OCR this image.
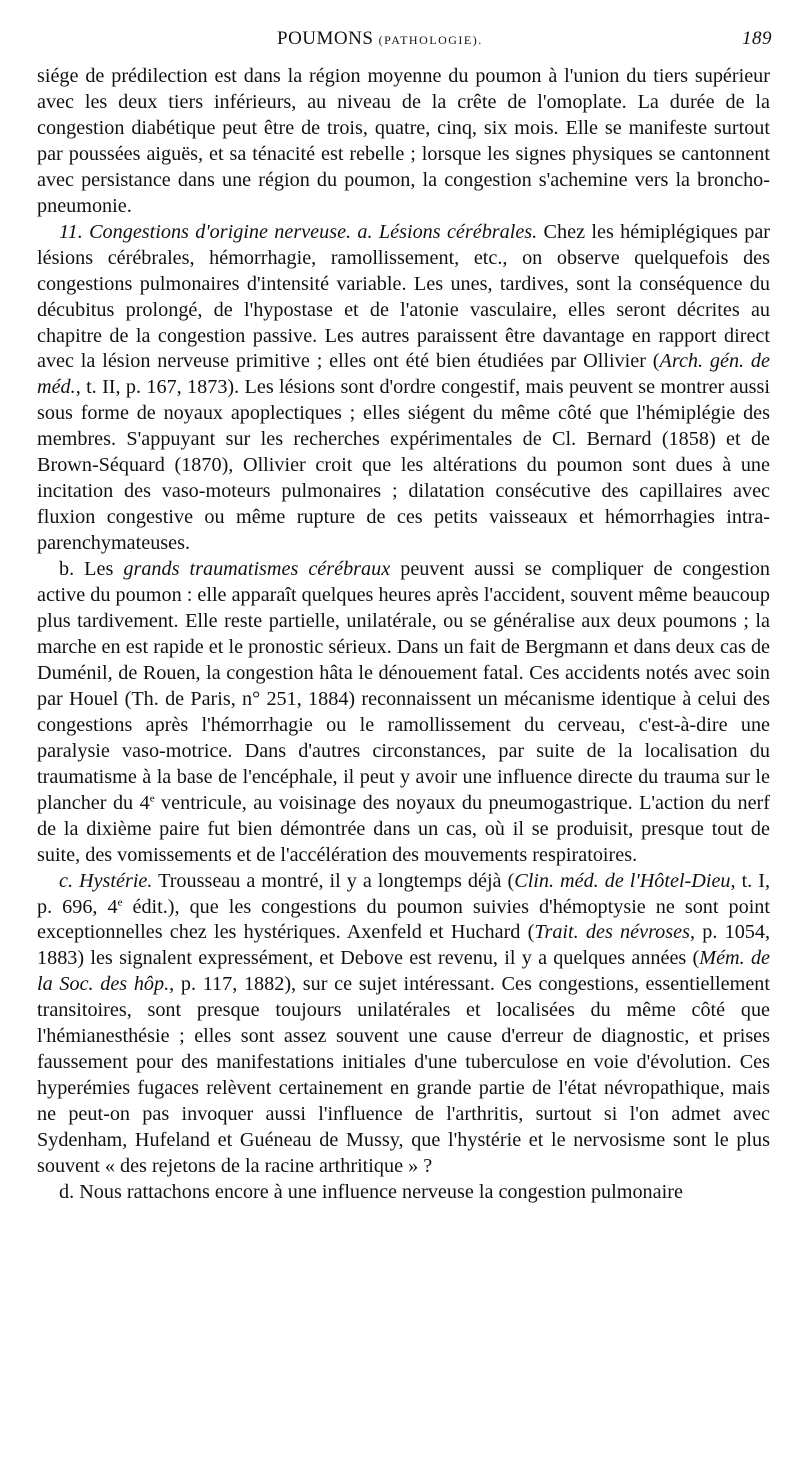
POUMONS (PATHOLOGIE).	189

siége de prédilection est dans la région moyenne du poumon à l'union du tiers supérieur avec les deux tiers inférieurs, au niveau de la crête de l'omoplate. La durée de la congestion diabétique peut être de trois, quatre, cinq, six mois. Elle se manifeste surtout par poussées aiguës, et sa ténacité est rebelle ; lorsque les signes physiques se cantonnent avec persistance dans une région du poumon, la congestion s'achemine vers la broncho-pneumonie.

11. Congestions d'origine nerveuse. a. Lésions cérébrales. Chez les hémiplégiques par lésions cérébrales, hémorrhagie, ramollissement, etc., on observe quelquefois des congestions pulmonaires d'intensité variable. Les unes, tardives, sont la conséquence du décubitus prolongé, de l'hypostase et de l'atonie vasculaire, elles seront décrites au chapitre de la congestion passive. Les autres paraissent être davantage en rapport direct avec la lésion nerveuse primitive ; elles ont été bien étudiées par Ollivier (Arch. gén. de méd., t. II, p. 167, 1873). Les lésions sont d'ordre congestif, mais peuvent se montrer aussi sous forme de noyaux apoplectiques ; elles siégent du même côté que l'hémiplégie des membres. S'appuyant sur les recherches expérimentales de Cl. Bernard (1858) et de Brown-Séquard (1870), Ollivier croit que les altérations du poumon sont dues à une incitation des vaso-moteurs pulmonaires ; dilatation consécutive des capillaires avec fluxion congestive ou même rupture de ces petits vaisseaux et hémorrhagies intra-parenchymateuses.

b. Les grands traumatismes cérébraux peuvent aussi se compliquer de congestion active du poumon : elle apparaît quelques heures après l'accident, souvent même beaucoup plus tardivement. Elle reste partielle, unilatérale, ou se généralise aux deux poumons ; la marche en est rapide et le pronostic sérieux. Dans un fait de Bergmann et dans deux cas de Duménil, de Rouen, la congestion hâta le dénouement fatal. Ces accidents notés avec soin par Houel (Th. de Paris, n° 251, 1884) reconnaissent un mécanisme identique à celui des congestions après l'hémorrhagie ou le ramollissement du cerveau, c'est-à-dire une paralysie vaso-motrice. Dans d'autres circonstances, par suite de la localisation du traumatisme à la base de l'encéphale, il peut y avoir une influence directe du trauma sur le plancher du 4e ventricule, au voisinage des noyaux du pneumogastrique. L'action du nerf de la dixième paire fut bien démontrée dans un cas, où il se produisit, presque tout de suite, des vomissements et de l'accélération des mouvements respiratoires.

c. Hystérie. Trousseau a montré, il y a longtemps déjà (Clin. méd. de l'Hôtel-Dieu, t. I, p. 696, 4e édit.), que les congestions du poumon suivies d'hémoptysie ne sont point exceptionnelles chez les hystériques. Axenfeld et Huchard (Trait. des névroses, p. 1054, 1883) les signalent expressément, et Debove est revenu, il y a quelques années (Mém. de la Soc. des hôp., p. 117, 1882), sur ce sujet intéressant. Ces congestions, essentiellement transitoires, sont presque toujours unilatérales et localisées du même côté que l'hémianesthésie ; elles sont assez souvent une cause d'erreur de diagnostic, et prises faussement pour des manifestations initiales d'une tuberculose en voie d'évolution. Ces hyperémies fugaces relèvent certainement en grande partie de l'état névropathique, mais ne peut-on pas invoquer aussi l'influence de l'arthritis, surtout si l'on admet avec Sydenham, Hufeland et Guéneau de Mussy, que l'hystérie et le nervosisme sont le plus souvent « des rejetons de la racine arthritique » ?

d. Nous rattachons encore à une influence nerveuse la congestion pulmonaire
